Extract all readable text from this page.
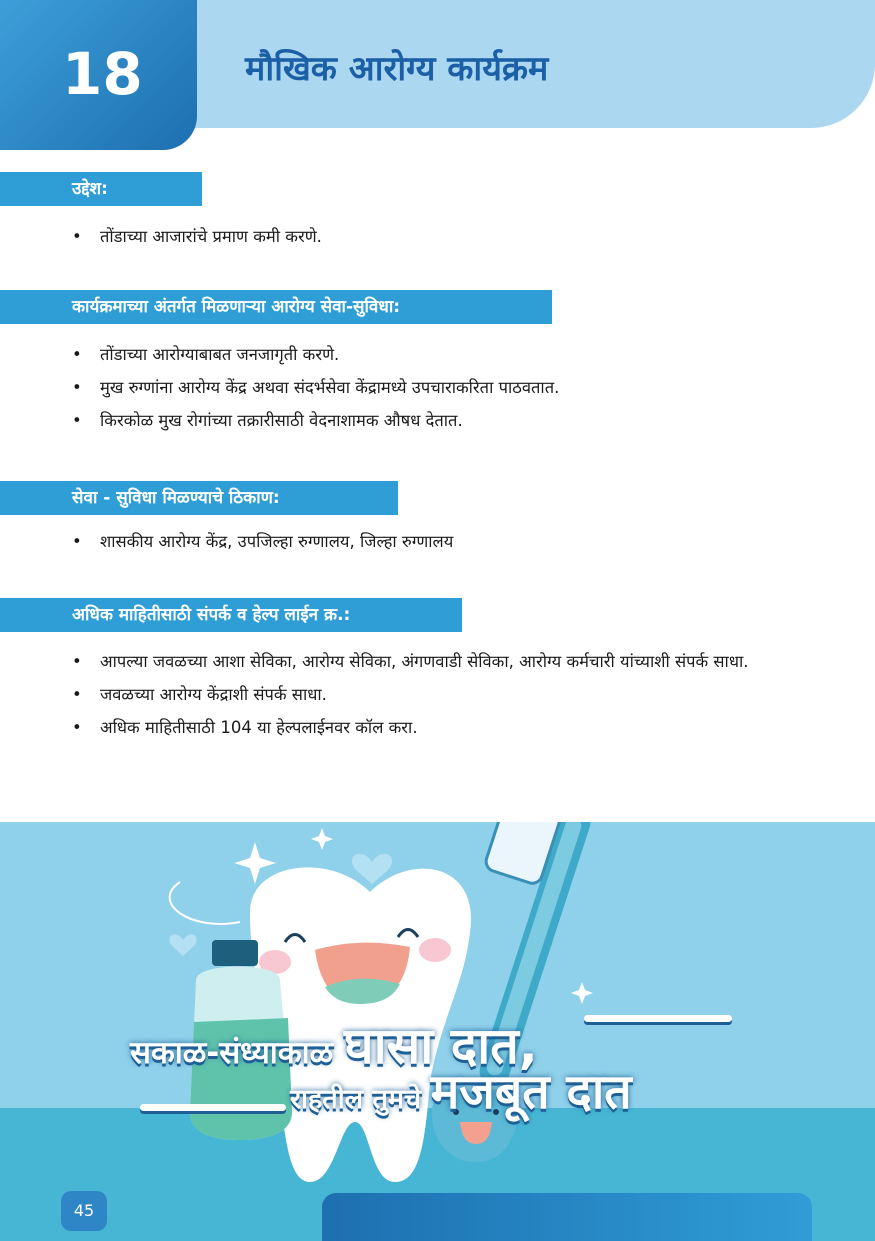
18	मौखिक आरोग्य कार्यक्रम
उद्देश:
• तोंडाच्या आजारांचे प्रमाण कमी करणे.
कार्यक्रमाच्या अंतर्गत मिळणाऱ्या आरोग्य सेवा-सुविधा:
• तोंडाच्या आरोग्याबाबत जनजागृती करणे.
• मुख रुग्णांना आरोग्य केंद्र अथवा संदर्भसेवा केंद्रामध्ये उपचाराकरिता पाठवतात.
• किरकोळ मुख रोगांच्या तक्रारीसाठी वेदनाशामक औषध देतात.
सेवा - सुविधा मिळण्याचे ठिकाण:
• शासकीय आरोग्य केंद्र, उपजिल्हा रुग्णालय, जिल्हा रुग्णालय
अधिक माहितीसाठी संपर्क व हेल्प लाईन क्र.:
• आपल्या जवळच्या आशा सेविका, आरोग्य सेविका, अंगणवाडी सेविका, आरोग्य कर्मचारी यांच्याशी संपर्क साधा.
• जवळच्या आरोग्य केंद्राशी संपर्क साधा.
• अधिक माहितीसाठी 104 या हेल्पलाईनवर कॉल करा.
सकाळ-संध्याकाळ घासा दात,
राहतील तुमचे मजबूत दात
45
